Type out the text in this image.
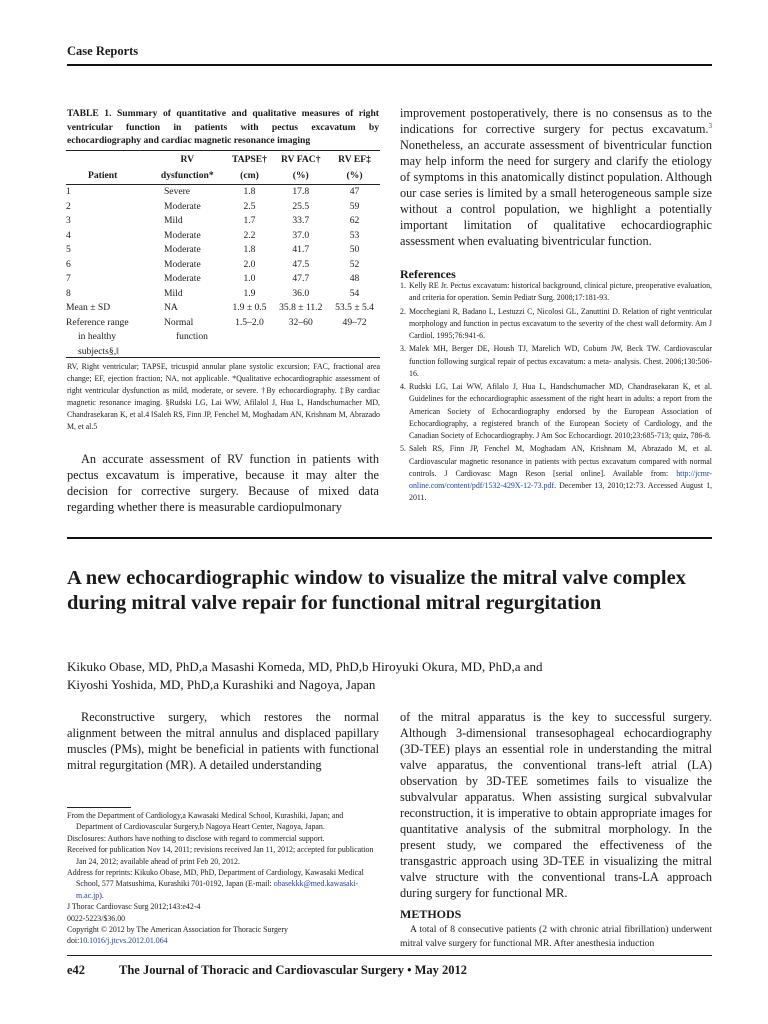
Case Reports
TABLE 1. Summary of quantitative and qualitative measures of right ventricular function in patients with pectus excavatum by echocardiography and cardiac magnetic resonance imaging
	RV	TAPSE†	RV FAC†	RV EF‡
Patient	dysfunction*	(cm)	(%)	(%)
1	Severe	1.8	17.8	47
2	Moderate	2.5	25.5	59
3	Mild	1.7	33.7	62
4	Moderate	2.2	37.0	53
5	Moderate	1.8	41.7	50
6	Moderate	2.0	47.5	52
7	Moderate	1.0	47.7	48
8	Mild	1.9	36.0	54
Mean ± SD	NA	1.9 ± 0.5	35.8 ± 11.2	53.5 ± 5.4
Reference range	Normal	1.5–2.0	32–60	49–72
in healthy	function			
subjects§,‖				
RV, Right ventricular; TAPSE, tricuspid annular plane systolic excursion; FAC, fractional area change; EF, ejection fraction; NA, not applicable. *Qualitative echocardiographic assessment of right ventricular dysfunction as mild, moderate, or severe. †By echocardiography. ‡By cardiac magnetic resonance imaging. §Rudski LG, Lai WW, Afilalol J, Hua L, Handschumacher MD, Chandrasekaran K, et al.4 ‖Saleh RS, Finn JP, Fenchel M, Moghadam AN, Krishnam M, Abrazado M, et al.5

An accurate assessment of RV function in patients with pectus excavatum is imperative, because it may alter the decision for corrective surgery. Because of mixed data regarding whether there is measurable cardiopulmonary

improvement postoperatively, there is no consensus as to the indications for corrective surgery for pectus excavatum.$^3$ Nonetheless, an accurate assessment of biventricular function may help inform the need for surgery and clarify the etiology of symptoms in this anatomically distinct population. Although our case series is limited by a small heterogeneous sample size without a control population, we highlight a potentially important limitation of qualitative echocardiographic assessment when evaluating biventricular function.

References
1. Kelly RE Jr. Pectus excavatum: historical background, clinical picture, preoperative evaluation, and criteria for operation. Semin Pediatr Surg. 2008;17:181-93.
2. Mocchegiani R, Badano L, Lestuzzi C, Nicolosi GL, Zanuttini D. Relation of right ventricular morphology and function in pectus excavatum to the severity of the chest wall deformity. Am J Cardiol. 1995;76:941-6.
3. Malek MH, Berger DE, Housh TJ, Marelich WD, Coburn JW, Beck TW. Cardiovascular function following surgical repair of pectus excavatum: a meta- analysis. Chest. 2006;130:506-16.
4. Rudski LG, Lai WW, Afilalo J, Hua L, Handschumacher MD, Chandrasekaran K, et al. Guidelines for the echocardiographic assessment of the right heart in adults: a report from the American Society of Echocardiography endorsed by the European Association of Echocardiography, a registered branch of the European Society of Cardiology, and the Canadian Society of Echocardiography. J Am Soc Echocardiogr. 2010;23:685-713; quiz, 786-8.
5. Saleh RS, Finn JP, Fenchel M, Moghadam AN, Krishnam M, Abrazado M, et al. Cardiovascular magnetic resonance in patients with pectus excavatum compared with normal controls. J Cardiovasc Magn Reson [serial online]. Available from: http://jcmr-online.com/content/pdf/1532-429X-12-73.pdf. December 13, 2010;12:73. Accessed August 1, 2011.
A new echocardiographic window to visualize the mitral valve complex during mitral valve repair for functional mitral regurgitation
Kikuko Obase, MD, PhD,a Masashi Komeda, MD, PhD,b Hiroyuki Okura, MD, PhD,a and
Kiyoshi Yoshida, MD, PhD,a Kurashiki and Nagoya, Japan

Reconstructive surgery, which restores the normal alignment between the mitral annulus and displaced papillary muscles (PMs), might be beneficial in patients with functional mitral regurgitation (MR). A detailed understanding

From the Department of Cardiology,a Kawasaki Medical School, Kurashiki, Japan; and Department of Cardiovascular Surgery,b Nagoya Heart Center, Nagoya, Japan.
Disclosures: Authors have nothing to disclose with regard to commercial support.
Received for publication Nov 14, 2011; revisions received Jan 11, 2012; accepted for publication Jan 24, 2012; available ahead of print Feb 20, 2012.
Address for reprints: Kikuko Obase, MD, PhD, Department of Cardiology, Kawasaki Medical School, 577 Matsushima, Kurashiki 701-0192, Japan (E-mail: obasekkk@med.kawasaki-m.ac.jp).
J Thorac Cardiovasc Surg 2012;143:e42-4
0022-5223/$36.00
Copyright © 2012 by The American Association for Thoracic Surgery
doi:10.1016/j.jtcvs.2012.01.064

of the mitral apparatus is the key to successful surgery. Although 3-dimensional transesophageal echocardiography (3D-TEE) plays an essential role in understanding the mitral valve apparatus, the conventional trans-left atrial (LA) observation by 3D-TEE sometimes fails to visualize the subvalvular apparatus. When assisting surgical subvalvular reconstruction, it is imperative to obtain appropriate images for quantitative analysis of the submitral morphology. In the present study, we compared the effectiveness of the transgastric approach using 3D-TEE in visualizing the mitral valve structure with the conventional trans-LA approach during surgery for functional MR.

METHODS

A total of 8 consecutive patients (2 with chronic atrial fibrillation) underwent mitral valve surgery for functional MR. After anesthesia induction

e42	The Journal of Thoracic and Cardiovascular Surgery • May 2012
